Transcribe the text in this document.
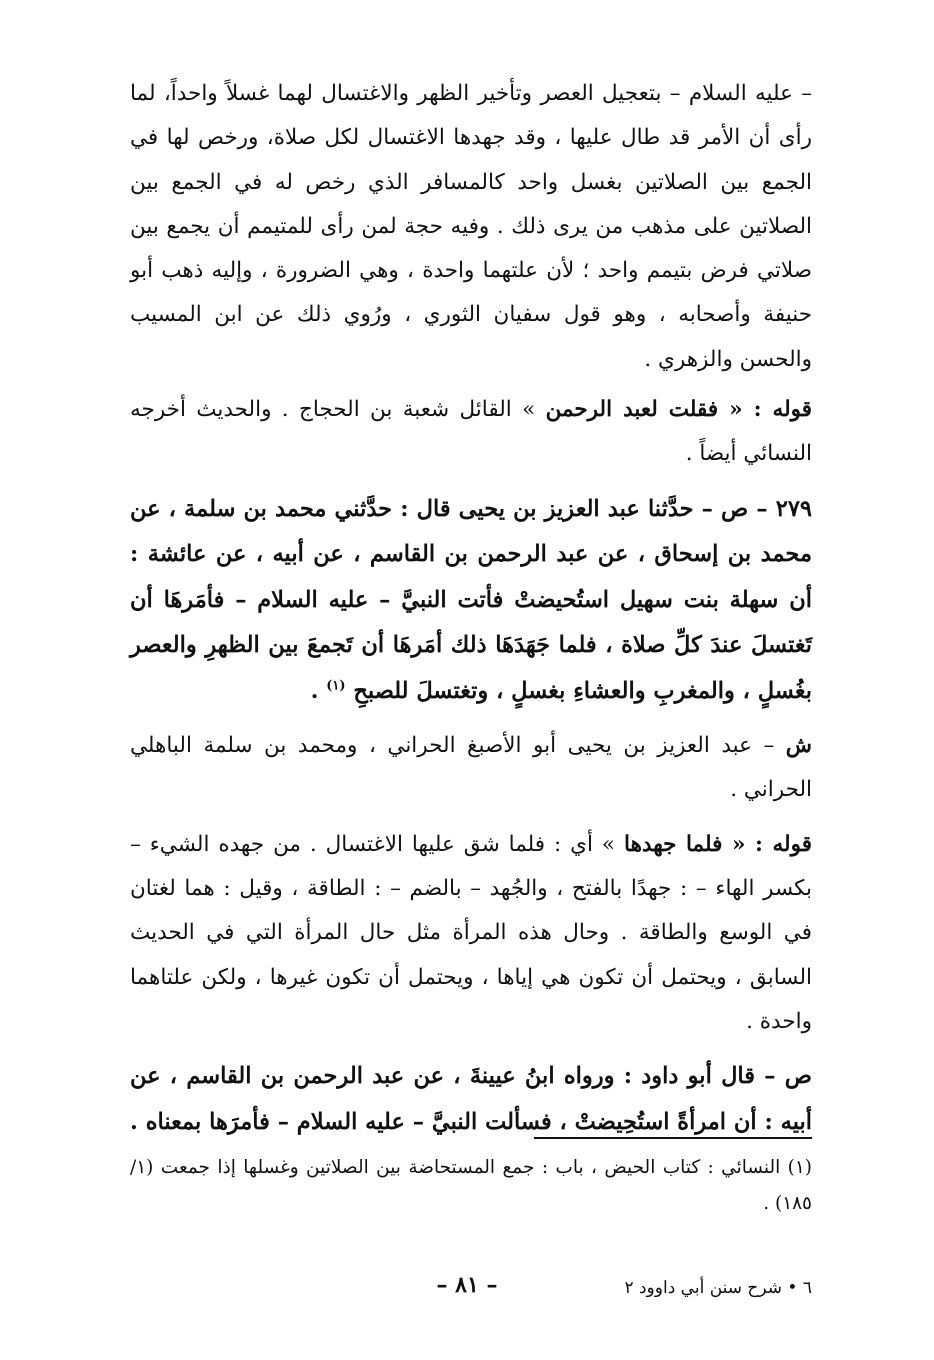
– عليه السلام – بتعجيل العصر وتأخير الظهر والاغتسال لهما غسلاً واحداً، لما رأى أن الأمر قد طال عليها ، وقد جهدها الاغتسال لكل صلاة، ورخص لها في الجمع بين الصلاتين بغسل واحد كالمسافر الذي رخص له في الجمع بين الصلاتين على مذهب من يرى ذلك . وفيه حجة لمن رأى للمتيمم أن يجمع بين صلاتي فرض بتيمم واحد ؛ لأن علتهما واحدة ، وهي الضرورة ، وإليه ذهب أبو حنيفة وأصحابه ، وهو قول سفيان الثوري ، ورُوي ذلك عن ابن المسيب والحسن والزهري .

قوله : « فقلت لعبد الرحمن » القائل شعبة بن الحجاج . والحديث أخرجه النسائي أيضاً .

٢٧٩ – ص – حدَّثنا عبد العزيز بن يحيى قال : حدَّثني محمد بن سلمة ، عن محمد بن إسحاق ، عن عبد الرحمن بن القاسم ، عن أبيه ، عن عائشة : أن سهلة بنت سهيل استُحيضتْ فأتت النبيَّ – عليه السلام – فأمَرهَا أن تَغتسلَ عندَ كلِّ صلاة ، فلما جَهَدَهَا ذلك أمَرهَا أن تَجمعَ بين الظهرِ والعصر بغُسلٍ ، والمغربِ والعشاءِ بغسلٍ ، وتغتسلَ للصبحِ $^{(١)}$ .

ش – عبد العزيز بن يحيى أبو الأصبغ الحراني ، ومحمد بن سلمة الباهلي الحراني .

قوله : « فلما جهدها » أي : فلما شق عليها الاغتسال . من جهده الشيء – بكسر الهاء – : جهدًا بالفتح ، والجُهد – بالضم – : الطاقة ، وقيل : هما لغتان في الوسع والطاقة . وحال هذه المرأة مثل حال المرأة التي في الحديث السابق ، ويحتمل أن تكون هي إياها ، ويحتمل أن تكون غيرها ، ولكن علتاهما واحدة .

ص – قال أبو داود : ورواه ابنُ عيينةَ ، عن عبد الرحمن بن القاسم ، عن أبيه : أن امرأةً استُحِيضتْ ، فسألت النبيَّ – عليه السلام – فأمرَها بمعناه .

(١) النسائي : كتاب الحيض ، باب : جمع المستحاضة بين الصلاتين وغسلها إذا جمعت (١/ ١٨٥) .
٦ • شرح سنن أبي داوود ٢
– ٨١ –
